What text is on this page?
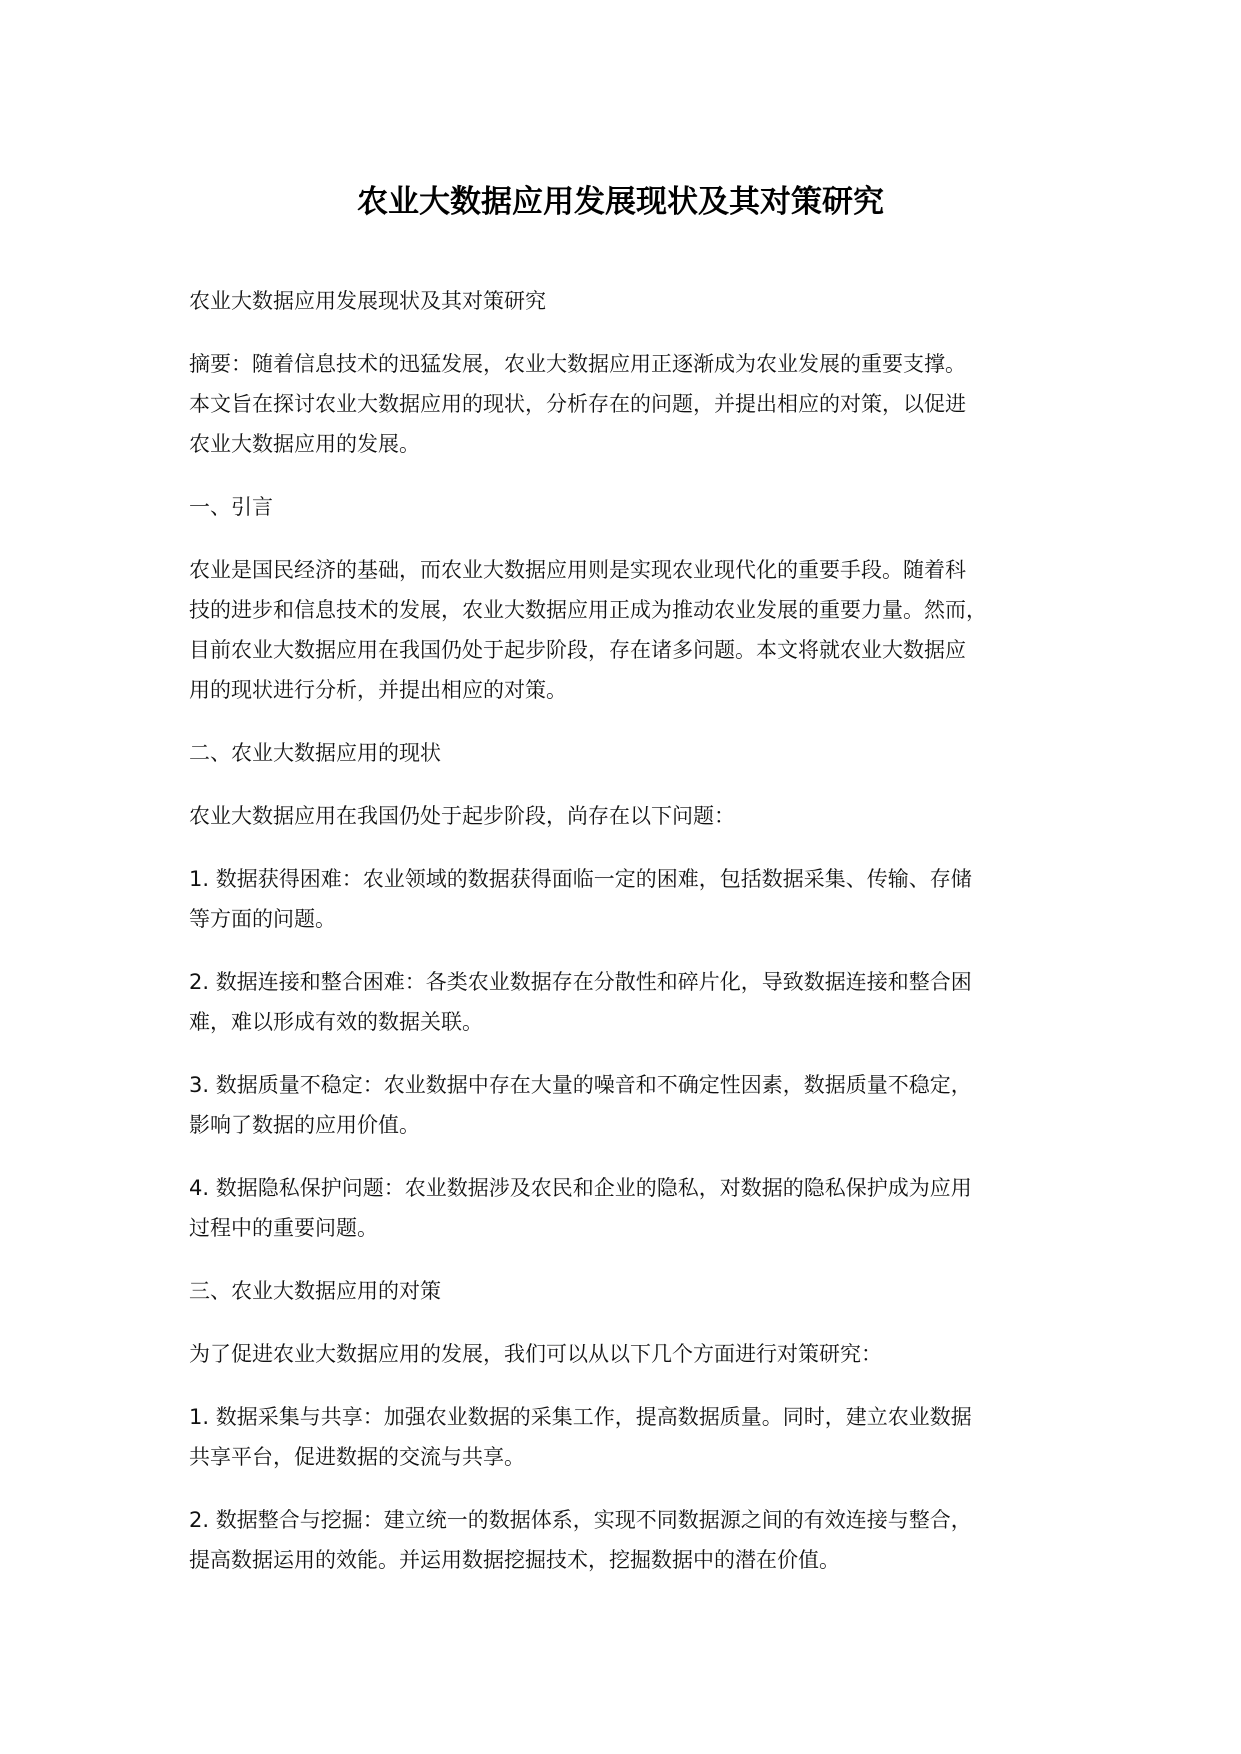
农业大数据应用发展现状及其对策研究

农业大数据应用发展现状及其对策研究

摘要：随着信息技术的迅猛发展，农业大数据应用正逐渐成为农业发展的重要支撑。
本文旨在探讨农业大数据应用的现状，分析存在的问题，并提出相应的对策，以促进
农业大数据应用的发展。

一、引言

农业是国民经济的基础，而农业大数据应用则是实现农业现代化的重要手段。随着科
技的进步和信息技术的发展，农业大数据应用正成为推动农业发展的重要力量。然而，
目前农业大数据应用在我国仍处于起步阶段，存在诸多问题。本文将就农业大数据应
用的现状进行分析，并提出相应的对策。

二、农业大数据应用的现状

农业大数据应用在我国仍处于起步阶段，尚存在以下问题：

1. 数据获得困难：农业领域的数据获得面临一定的困难，包括数据采集、传输、存储
等方面的问题。

2. 数据连接和整合困难：各类农业数据存在分散性和碎片化，导致数据连接和整合困
难，难以形成有效的数据关联。

3. 数据质量不稳定：农业数据中存在大量的噪音和不确定性因素，数据质量不稳定，
影响了数据的应用价值。

4. 数据隐私保护问题：农业数据涉及农民和企业的隐私，对数据的隐私保护成为应用
过程中的重要问题。

三、农业大数据应用的对策

为了促进农业大数据应用的发展，我们可以从以下几个方面进行对策研究：

1. 数据采集与共享：加强农业数据的采集工作，提高数据质量。同时，建立农业数据
共享平台，促进数据的交流与共享。

2. 数据整合与挖掘：建立统一的数据体系，实现不同数据源之间的有效连接与整合，
提高数据运用的效能。并运用数据挖掘技术，挖掘数据中的潜在价值。
